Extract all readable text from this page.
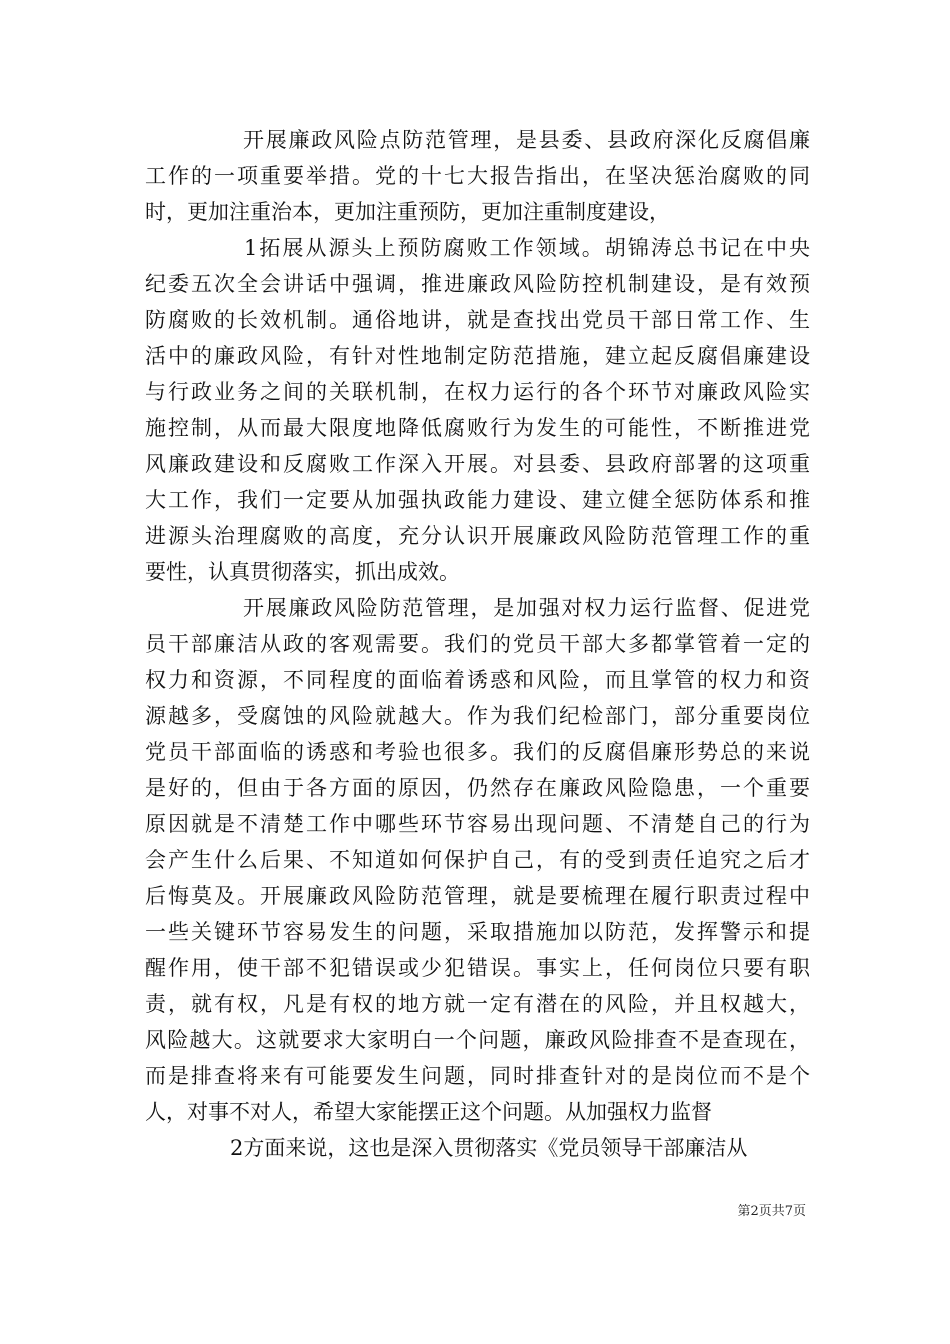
开展廉政风险点防范管理，是县委、县政府深化反腐倡廉
工作的一项重要举措。党的十七大报告指出，在坚决惩治腐败的同
时，更加注重治本，更加注重预防，更加注重制度建设，
1拓展从源头上预防腐败工作领域。胡锦涛总书记在中央
纪委五次全会讲话中强调，推进廉政风险防控机制建设，是有效预
防腐败的长效机制。通俗地讲，就是查找出党员干部日常工作、生
活中的廉政风险，有针对性地制定防范措施，建立起反腐倡廉建设
与行政业务之间的关联机制，在权力运行的各个环节对廉政风险实
施控制，从而最大限度地降低腐败行为发生的可能性，不断推进党
风廉政建设和反腐败工作深入开展。对县委、县政府部署的这项重
大工作，我们一定要从加强执政能力建设、建立健全惩防体系和推
进源头治理腐败的高度，充分认识开展廉政风险防范管理工作的重
要性，认真贯彻落实，抓出成效。
开展廉政风险防范管理，是加强对权力运行监督、促进党
员干部廉洁从政的客观需要。我们的党员干部大多都掌管着一定的
权力和资源，不同程度的面临着诱惑和风险，而且掌管的权力和资
源越多，受腐蚀的风险就越大。作为我们纪检部门，部分重要岗位
党员干部面临的诱惑和考验也很多。我们的反腐倡廉形势总的来说
是好的，但由于各方面的原因，仍然存在廉政风险隐患，一个重要
原因就是不清楚工作中哪些环节容易出现问题、不清楚自己的行为
会产生什么后果、不知道如何保护自己，有的受到责任追究之后才
后悔莫及。开展廉政风险防范管理，就是要梳理在履行职责过程中
一些关键环节容易发生的问题，采取措施加以防范，发挥警示和提
醒作用，使干部不犯错误或少犯错误。事实上，任何岗位只要有职
责，就有权，凡是有权的地方就一定有潜在的风险，并且权越大，
风险越大。这就要求大家明白一个问题，廉政风险排查不是查现在，
而是排查将来有可能要发生问题，同时排查针对的是岗位而不是个
人，对事不对人，希望大家能摆正这个问题。从加强权力监督
2方面来说，这也是深入贯彻落实《党员领导干部廉洁从
第2页共7页
